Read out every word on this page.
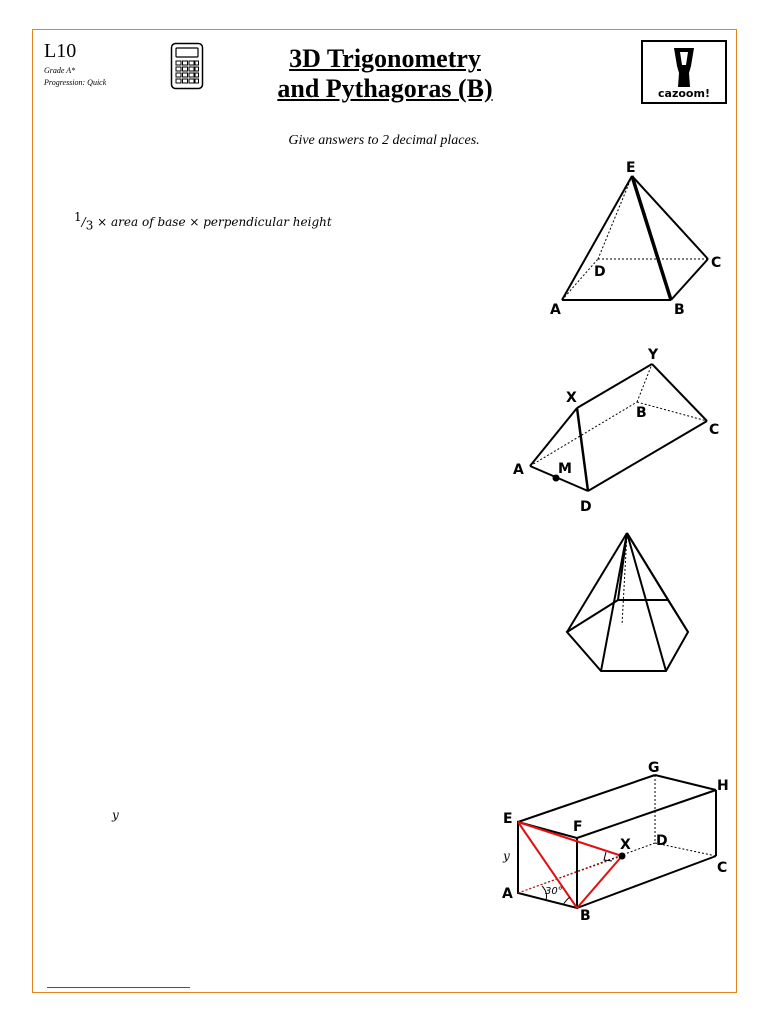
L10
Grade A*
Progression: Quick
3D Trigonometry
and Pythagoras (B)	cazoom!
Give answers to 2 decimal places.
$^1/_3$ × area of base × perpendicular height
y
E
D
C
A	B
Y
X
B
C
A M
D
G
H
E	F
X D
y
C
A	30°
B
